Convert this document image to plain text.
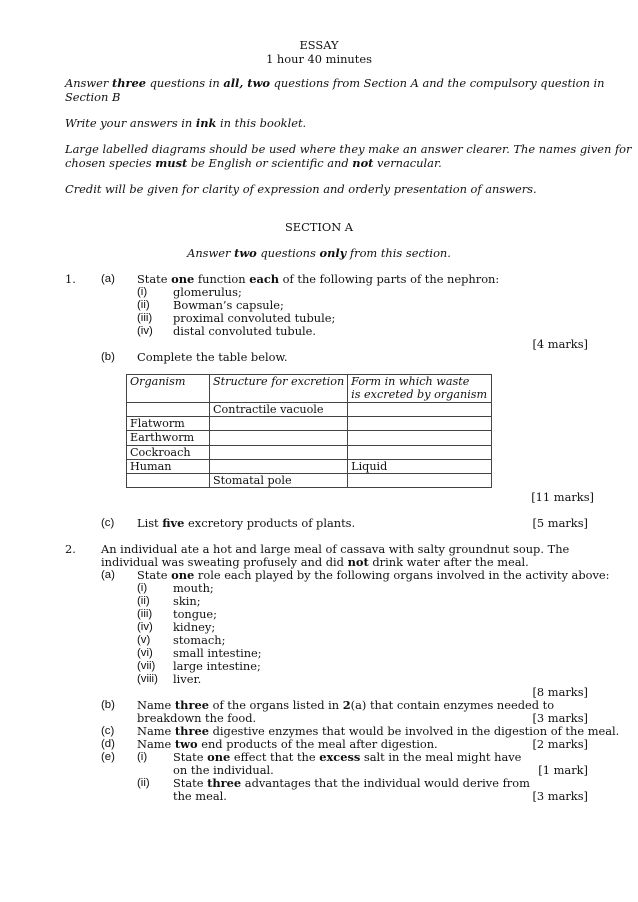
ESSAY
1 hour 40 minutes
Answer three questions in all, two questions from Section A and the compulsory question in
Section B
Write your answers in ink in this booklet.
Large labelled diagrams should be used where they make an answer clearer. The names given for
chosen species must be English or scientific and not vernacular.
Credit will be given for clarity of expression and orderly presentation of answers.
SECTION A
Answer two questions only from this section.
1. (a) State one function each of the following parts of the nephron:
(i) glomerulus;
(ii) Bowman’s capsule;
(iii) proximal convoluted tubule;
(iv) distal convoluted tubule.
[4 marks]
(b) Complete the table below.
Organism	Structure for excretion	Form in which waste
is excreted by organism
	Contractile vacuole	
Flatworm		
Earthworm		
Cockroach		
Human		Liquid
	Stomatal pole	
[11 marks]
(c) List five excretory products of plants.	[5 marks]
2. An individual ate a hot and large meal of cassava with salty groundnut soup. The
individual was sweating profusely and did not drink water after the meal.
(a) State one role each played by the following organs involved in the activity above:
(i) mouth;
(ii) skin;
(iii) tongue;
(iv) kidney;
(v) stomach;
(vi) small intestine;
(vii) large intestine;
(viii) liver.
[8 marks]
(b) Name three of the organs listed in 2(a) that contain enzymes needed to
breakdown the food.	[3 marks]
(c) Name three digestive enzymes that would be involved in the digestion of the meal.
(d) Name two end products of the meal after digestion.	[2 marks]
(e) (i) State one effect that the excess salt in the meal might have
on the individual.	[1 mark]
(ii) State three advantages that the individual would derive from
the meal.	[3 marks]
